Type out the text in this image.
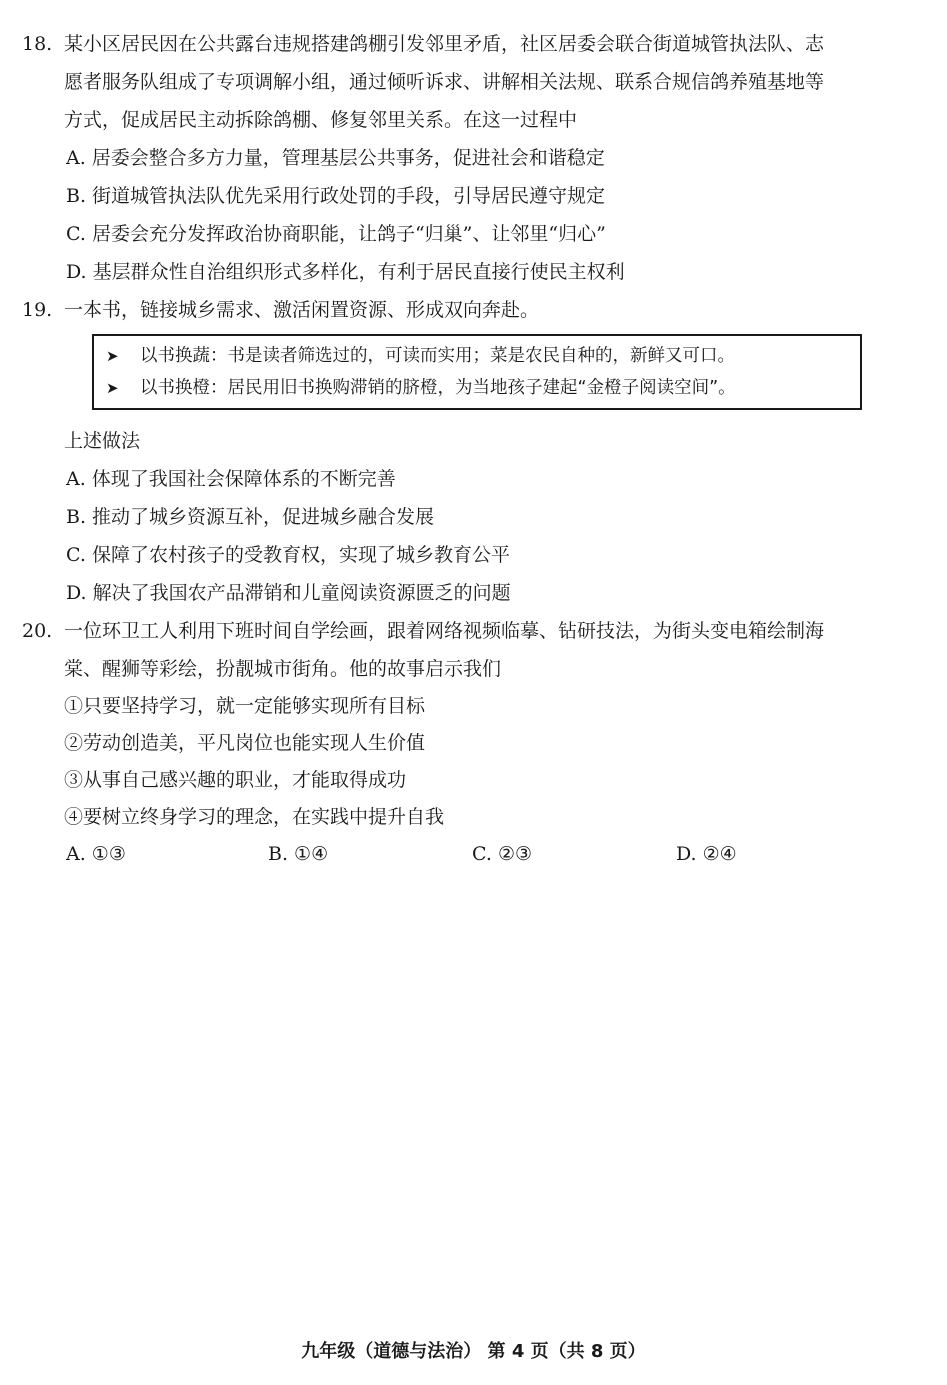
18. 某小区居民因在公共露台违规搭建鸽棚引发邻里矛盾，社区居委会联合街道城管执法队、志
愿者服务队组成了专项调解小组，通过倾听诉求、讲解相关法规、联系合规信鸽养殖基地等
方式，促成居民主动拆除鸽棚、修复邻里关系。在这一过程中
A. 居委会整合多方力量，管理基层公共事务，促进社会和谐稳定
B. 街道城管执法队优先采用行政处罚的手段，引导居民遵守规定
C. 居委会充分发挥政治协商职能，让鸽子“归巢”、让邻里“归心”
D. 基层群众性自治组织形式多样化，有利于居民直接行使民主权利
19. 一本书，链接城乡需求、激活闲置资源、形成双向奔赴。
➤ 以书换蔬：书是读者筛选过的，可读而实用；菜是农民自种的，新鲜又可口。
➤ 以书换橙：居民用旧书换购滞销的脐橙，为当地孩子建起“金橙子阅读空间”。
上述做法
A. 体现了我国社会保障体系的不断完善
B. 推动了城乡资源互补，促进城乡融合发展
C. 保障了农村孩子的受教育权，实现了城乡教育公平
D. 解决了我国农产品滞销和儿童阅读资源匮乏的问题
20. 一位环卫工人利用下班时间自学绘画，跟着网络视频临摹、钻研技法，为街头变电箱绘制海
棠、醒狮等彩绘，扮靓城市街角。他的故事启示我们
①只要坚持学习，就一定能够实现所有目标
②劳动创造美，平凡岗位也能实现人生价值
③从事自己感兴趣的职业，才能取得成功
④要树立终身学习的理念，在实践中提升自我
A. ①③	B. ①④	C. ②③	D. ②④
九年级（道德与法治） 第 4 页（共 8 页）
